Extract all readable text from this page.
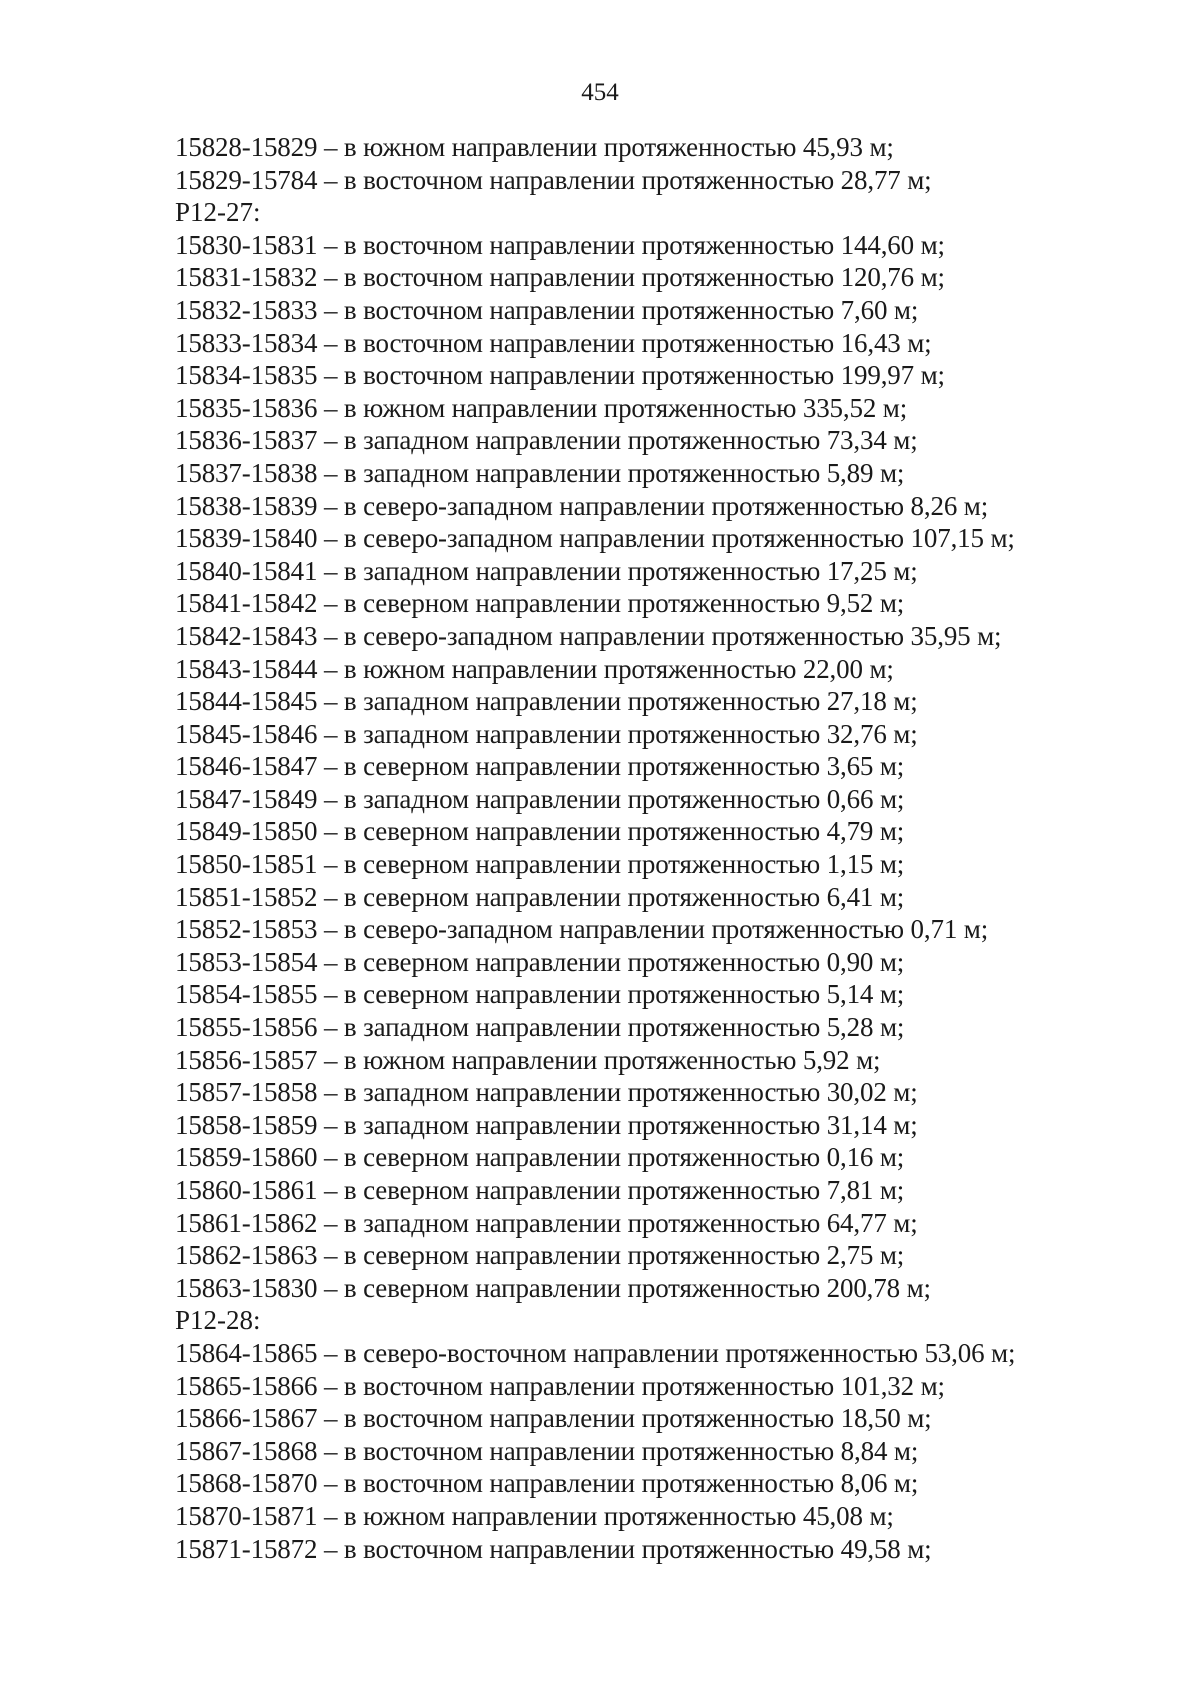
454
15828-15829 – в южном направлении протяженностью 45,93 м;
15829-15784 – в восточном направлении протяженностью 28,77 м;
Р12-27:
15830-15831 – в восточном направлении протяженностью 144,60 м;
15831-15832 – в восточном направлении протяженностью 120,76 м;
15832-15833 – в восточном направлении протяженностью 7,60 м;
15833-15834 – в восточном направлении протяженностью 16,43 м;
15834-15835 – в восточном направлении протяженностью 199,97 м;
15835-15836 – в южном направлении протяженностью 335,52 м;
15836-15837 – в западном направлении протяженностью 73,34 м;
15837-15838 – в западном направлении протяженностью 5,89 м;
15838-15839 – в северо-западном направлении протяженностью 8,26 м;
15839-15840 – в северо-западном направлении протяженностью 107,15 м;
15840-15841 – в западном направлении протяженностью 17,25 м;
15841-15842 – в северном направлении протяженностью 9,52 м;
15842-15843 – в северо-западном направлении протяженностью 35,95 м;
15843-15844 – в южном направлении протяженностью 22,00 м;
15844-15845 – в западном направлении протяженностью 27,18 м;
15845-15846 – в западном направлении протяженностью 32,76 м;
15846-15847 – в северном направлении протяженностью 3,65 м;
15847-15849 – в западном направлении протяженностью 0,66 м;
15849-15850 – в северном направлении протяженностью 4,79 м;
15850-15851 – в северном направлении протяженностью 1,15 м;
15851-15852 – в северном направлении протяженностью 6,41 м;
15852-15853 – в северо-западном направлении протяженностью 0,71 м;
15853-15854 – в северном направлении протяженностью 0,90 м;
15854-15855 – в северном направлении протяженностью 5,14 м;
15855-15856 – в западном направлении протяженностью 5,28 м;
15856-15857 – в южном направлении протяженностью 5,92 м;
15857-15858 – в западном направлении протяженностью 30,02 м;
15858-15859 – в западном направлении протяженностью 31,14 м;
15859-15860 – в северном направлении протяженностью 0,16 м;
15860-15861 – в северном направлении протяженностью 7,81 м;
15861-15862 – в западном направлении протяженностью 64,77 м;
15862-15863 – в северном направлении протяженностью 2,75 м;
15863-15830 – в северном направлении протяженностью 200,78 м;
Р12-28:
15864-15865 – в северо-восточном направлении протяженностью 53,06 м;
15865-15866 – в восточном направлении протяженностью 101,32 м;
15866-15867 – в восточном направлении протяженностью 18,50 м;
15867-15868 – в восточном направлении протяженностью 8,84 м;
15868-15870 – в восточном направлении протяженностью 8,06 м;
15870-15871 – в южном направлении протяженностью 45,08 м;
15871-15872 – в восточном направлении протяженностью 49,58 м;
